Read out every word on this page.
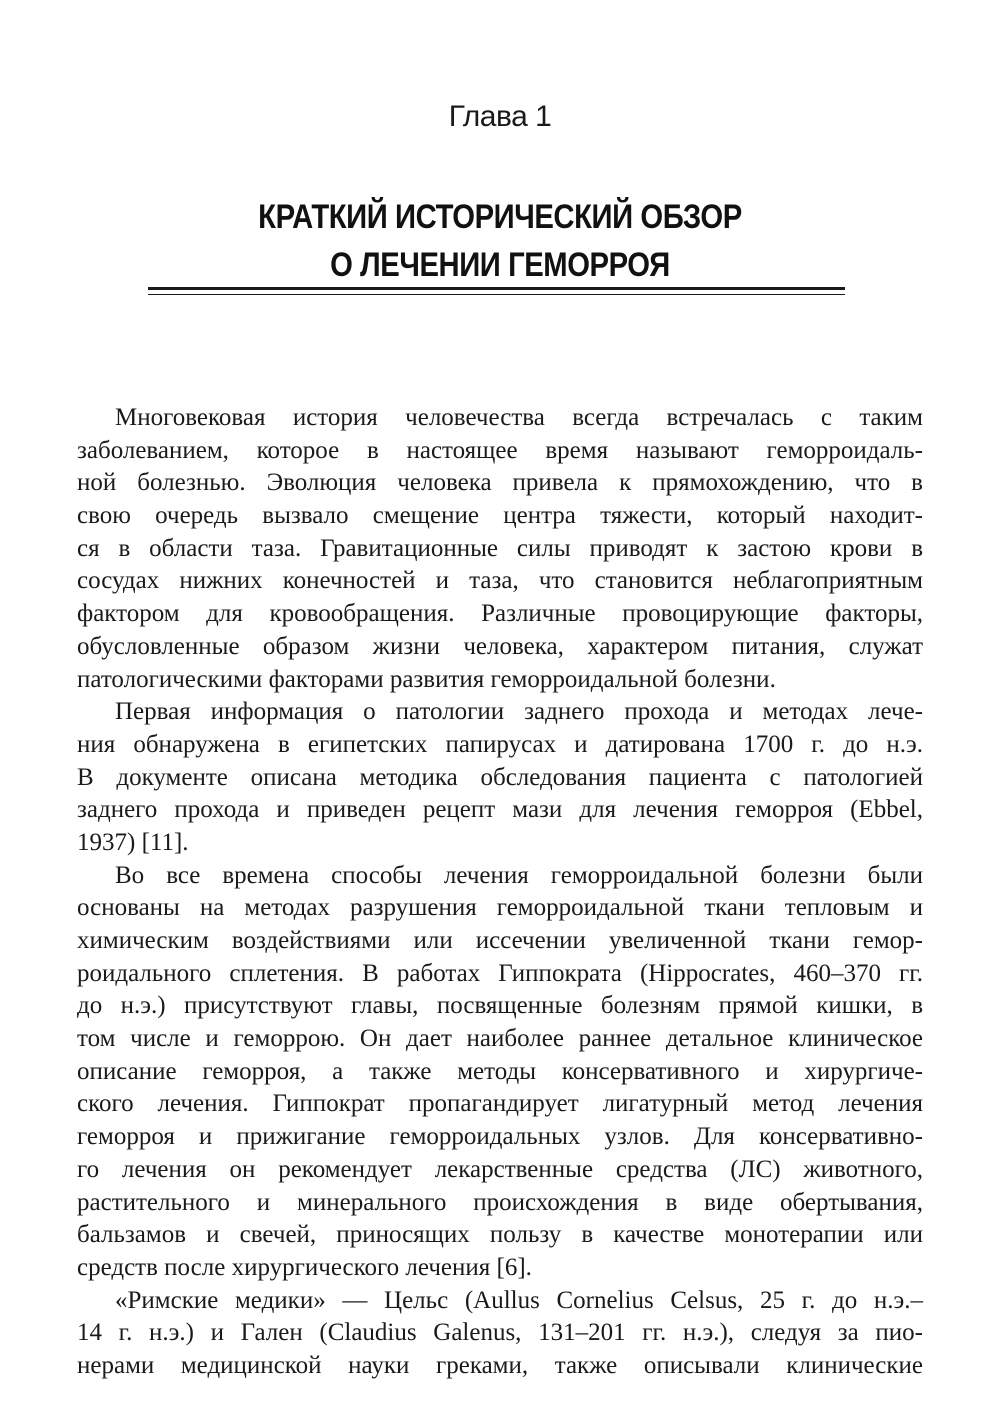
Глава 1
КРАТКИЙ ИСТОРИЧЕСКИЙ ОБЗОР
О ЛЕЧЕНИИ ГЕМОРРОЯ
Многовековая история человечества всегда встречалась с таким
заболеванием, которое в настоящее время называют геморроидаль-
ной болезнью. Эволюция человека привела к прямохождению, что в
свою очередь вызвало смещение центра тяжести, который находит-
ся в области таза. Гравитационные силы приводят к застою крови в
сосудах нижних конечностей и таза, что становится неблагоприятным
фактором для кровообращения. Различные провоцирующие факторы,
обусловленные образом жизни человека, характером питания, служат
патологическими факторами развития геморроидальной болезни.
Первая информация о патологии заднего прохода и методах лече-
ния обнаружена в египетских папирусах и датирована 1700 г. до н.э.
В документе описана методика обследования пациента с патологией
заднего прохода и приведен рецепт мази для лечения геморроя (Ebbel,
1937) [11].
Во все времена способы лечения геморроидальной болезни были
основаны на методах разрушения геморроидальной ткани тепловым и
химическим воздействиями или иссечении увеличенной ткани гемор-
роидального сплетения. В работах Гиппократа (Hippocrates, 460–370 гг.
до н.э.) присутствуют главы, посвященные болезням прямой кишки, в
том числе и геморрою. Он дает наиболее раннее детальное клиническое
описание геморроя, а также методы консервативного и хирургиче-
ского лечения. Гиппократ пропагандирует лигатурный метод лечения
геморроя и прижигание геморроидальных узлов. Для консервативно-
го лечения он рекомендует лекарственные средства (ЛС) животного,
растительного и минерального происхождения в виде обертывания,
бальзамов и свечей, приносящих пользу в качестве монотерапии или
средств после хирургического лечения [6].
«Римские медики» — Цельс (Aullus Cornelius Celsus, 25 г. до н.э.–
14 г. н.э.) и Гален (Claudius Galenus, 131–201 гг. н.э.), следуя за пио-
нерами медицинской науки греками, также описывали клинические
